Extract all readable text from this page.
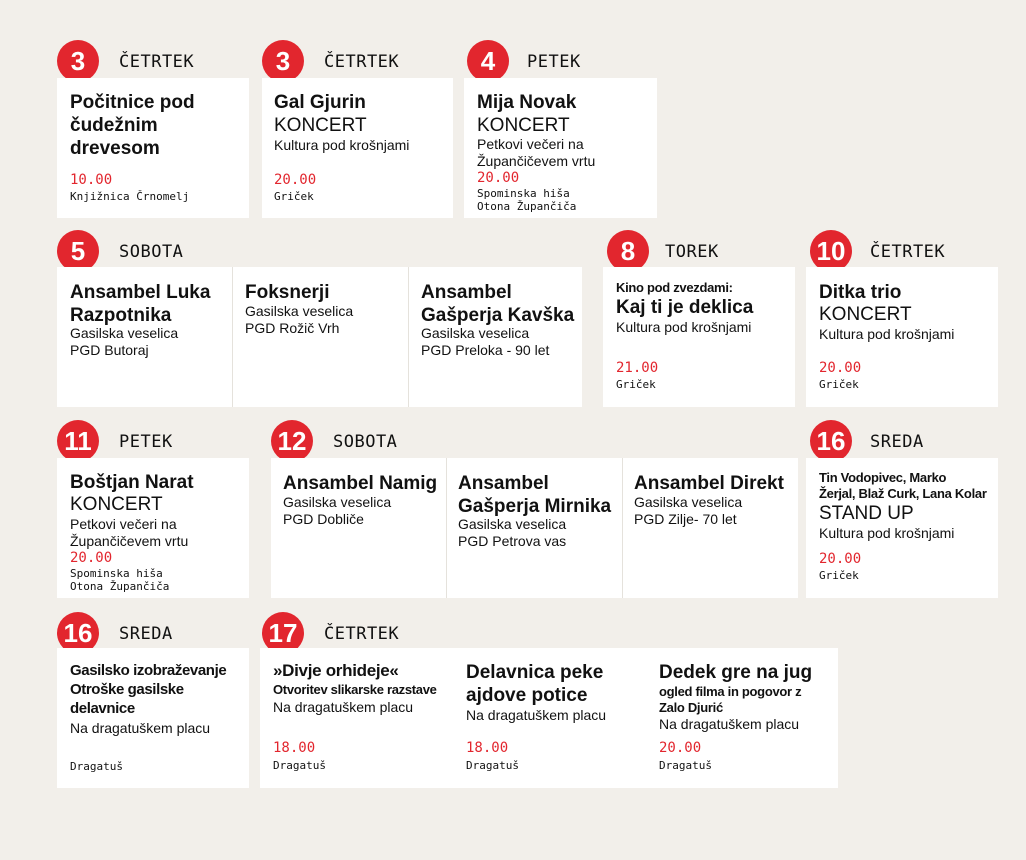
3	ČETRTEK
Počitnice pod
čudežnim
drevesom
10.00
Knjižnica Črnomelj
3	ČETRTEK
Gal Gjurin
KONCERT
Kultura pod krošnjami
20.00
Griček
4	PETEK
Mija Novak
KONCERT
Petkovi večeri na
Župančičevem vrtu
20.00
Spominska hiša
Otona Župančiča
5	SOBOTA
Ansambel Luka
Razpotnika
Gasilska veselica
PGD Butoraj
Foksnerji
Gasilska veselica
PGD Rožič Vrh
Ansambel
Gašperja Kavška
Gasilska veselica
PGD Preloka - 90 let
8	TOREK
Kino pod zvezdami:
Kaj ti je deklica
Kultura pod krošnjami
21.00
Griček
10	ČETRTEK
Ditka trio
KONCERT
Kultura pod krošnjami
20.00
Griček
11	PETEK
Boštjan Narat
KONCERT
Petkovi večeri na
Župančičevem vrtu
20.00
Spominska hiša
Otona Župančiča
12	SOBOTA
Ansambel Namig
Gasilska veselica
PGD Dobliče
Ansambel
Gašperja Mirnika
Gasilska veselica
PGD Petrova vas
Ansambel Direkt
Gasilska veselica
PGD Zilje- 70 let
16	SREDA
Tin Vodopivec, Marko
Žerjal, Blaž Curk, Lana Kolar
STAND UP
Kultura pod krošnjami
20.00
Griček
16	SREDA
Gasilsko izobraževanje
Otroške gasilske
delavnice
Na dragatuškem placu
Dragatuš
17	ČETRTEK
»Divje orhideje«
Otvoritev slikarske razstave
Na dragatuškem placu
18.00
Dragatuš
Delavnica peke
ajdove potice
Na dragatuškem placu
18.00
Dragatuš
Dedek gre na jug
ogled filma in pogovor z
Zalo Djurić
Na dragatuškem placu
20.00
Dragatuš
